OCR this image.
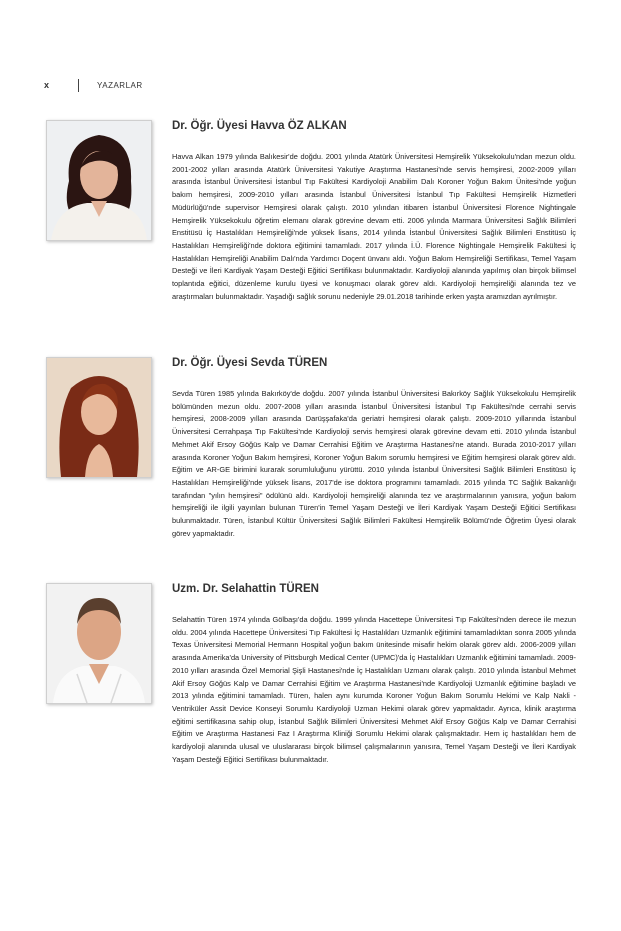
x	YAZARLAR
Dr. Öğr. Üyesi Havva ÖZ ALKAN

Havva Alkan 1979 yılında Balıkesir'de doğdu. 2001 yılında Atatürk Üniversitesi Hemşirelik Yüksekokulu'ndan mezun oldu. 2001-2002 yılları arasında Atatürk Üniversitesi Yakutiye Araştırma Hastanesi'nde servis hemşiresi, 2002-2009 yılları arasında İstanbul Üniversitesi İstanbul Tıp Fakültesi Kardiyoloji Anabilim Dalı Koroner Yoğun Bakım Ünitesi'nde yoğun bakım hemşiresi, 2009-2010 yılları arasında İstanbul Üniversitesi İstanbul Tıp Fakültesi Hemşirelik Hizmetleri Müdürlüğü'nde supervisor Hemşiresi olarak çalıştı. 2010 yılından itibaren İstanbul Üniversitesi Florence Nightingale Hemşirelik Yüksekokulu öğretim elemanı olarak görevine devam etti. 2006 yılında Marmara Üniversitesi Sağlık Bilimleri Enstitüsü İç Hastalıkları Hemşireliği'nde yüksek lisans, 2014 yılında İstanbul Üniversitesi Sağlık Bilimleri Enstitüsü İç Hastalıkları Hemşireliği'nde doktora eğitimini tamamladı. 2017 yılında İ.Ü. Florence Nightingale Hemşirelik Fakültesi İç Hastalıkları Hemşireliği Anabilim Dalı'nda Yardımcı Doçent ünvanı aldı. Yoğun Bakım Hemşireliği Sertifikası, Temel Yaşam Desteği ve İleri Kardiyak Yaşam Desteği Eğitici Sertifikası bulunmaktadır. Kardiyoloji alanında yapılmış olan birçok bilimsel toplantıda eğitici, düzenleme kurulu üyesi ve konuşmacı olarak görev aldı. Kardiyoloji hemşireliği alanında tez ve araştırmaları bulunmaktadır. Yaşadığı sağlık sorunu nedeniyle 29.01.2018 tarihinde erken yaşta aramızdan ayrılmıştır.

Dr. Öğr. Üyesi Sevda TÜREN

Sevda Türen 1985 yılında Bakırköy'de doğdu. 2007 yılında İstanbul Üniversitesi Bakırköy Sağlık Yüksekokulu Hemşirelik bölümünden mezun oldu. 2007-2008 yılları arasında İstanbul Üniversitesi İstanbul Tıp Fakültesi'nde cerrahi servis hemşiresi, 2008-2009 yılları arasında Darüşşafaka'da geriatri hemşiresi olarak çalıştı. 2009-2010 yıllarında İstanbul Üniversitesi Cerrahpaşa Tıp Fakültesi'nde Kardiyoloji servis hemşiresi olarak görevine devam etti. 2010 yılında İstanbul Mehmet Akif Ersoy Göğüs Kalp ve Damar Cerrahisi Eğitim ve Araştırma Hastanesi'ne atandı. Burada 2010-2017 yılları arasında Koroner Yoğun Bakım hemşiresi, Koroner Yoğun Bakım sorumlu hemşiresi ve Eğitim hemşiresi olarak görev aldı. Eğitim ve AR-GE birimini kurarak sorumluluğunu yürüttü. 2010 yılında İstanbul Üniversitesi Sağlık Bilimleri Enstitüsü İç Hastalıkları Hemşireliği'nde yüksek lisans, 2017'de ise doktora programını tamamladı. 2015 yılında TC Sağlık Bakanlığı tarafından "yılın hemşiresi" ödülünü aldı. Kardiyoloji hemşireliği alanında tez ve araştırmalarının yanısıra, yoğun bakım hemşireliği ile ilgili yayınları bulunan Türen'in Temel Yaşam Desteği ve İleri Kardiyak Yaşam Desteği Eğitici Sertifikası bulunmaktadır. Türen, İstanbul Kültür Üniversitesi Sağlık Bilimleri Fakültesi Hemşirelik Bölümü'nde Öğretim Üyesi olarak görev yapmaktadır.

Uzm. Dr. Selahattin TÜREN

Selahattin Türen 1974 yılında Gölbaşı'da doğdu. 1999 yılında Hacettepe Üniversitesi Tıp Fakültesi'nden derece ile mezun oldu. 2004 yılında Hacettepe Üniversitesi Tıp Fakültesi İç Hastalıkları Uzmanlık eğitimini tamamladıktan sonra 2005 yılında Texas Üniversitesi Memorial Hermann Hospital yoğun bakım ünitesinde misafir hekim olarak görev aldı. 2006-2009 yılları arasında Amerika'da University of Pittsburgh Medical Center (UPMC)'da İç Hastalıkları Uzmanlık eğitimini tamamladı. 2009-2010 yılları arasında Özel Memorial Şişli Hastanesi'nde İç Hastalıkları Uzmanı olarak çalıştı. 2010 yılında İstanbul Mehmet Akif Ersoy Göğüs Kalp ve Damar Cerrahisi Eğitim ve Araştırma Hastanesi'nde Kardiyoloji Uzmanlık eğitimine başladı ve 2013 yılında eğitimini tamamladı. Türen, halen aynı kurumda Koroner Yoğun Bakım Sorumlu Hekimi ve Kalp Nakli - Ventriküler Assit Device Konseyi Sorumlu Kardiyoloji Uzman Hekimi olarak görev yapmaktadır. Ayrıca, klinik araştırma eğitimi sertifikasına sahip olup, İstanbul Sağlık Bilimleri Üniversitesi Mehmet Akif Ersoy Göğüs Kalp ve Damar Cerrahisi Eğitim ve Araştırma Hastanesi Faz I Araştırma Kliniği Sorumlu Hekimi olarak çalışmaktadır. Hem iç hastalıkları hem de kardiyoloji alanında ulusal ve uluslararası birçok bilimsel çalışmalarının yanısıra, Temel Yaşam Desteği ve İleri Kardiyak Yaşam Desteği Eğitici Sertifikası bulunmaktadır.
